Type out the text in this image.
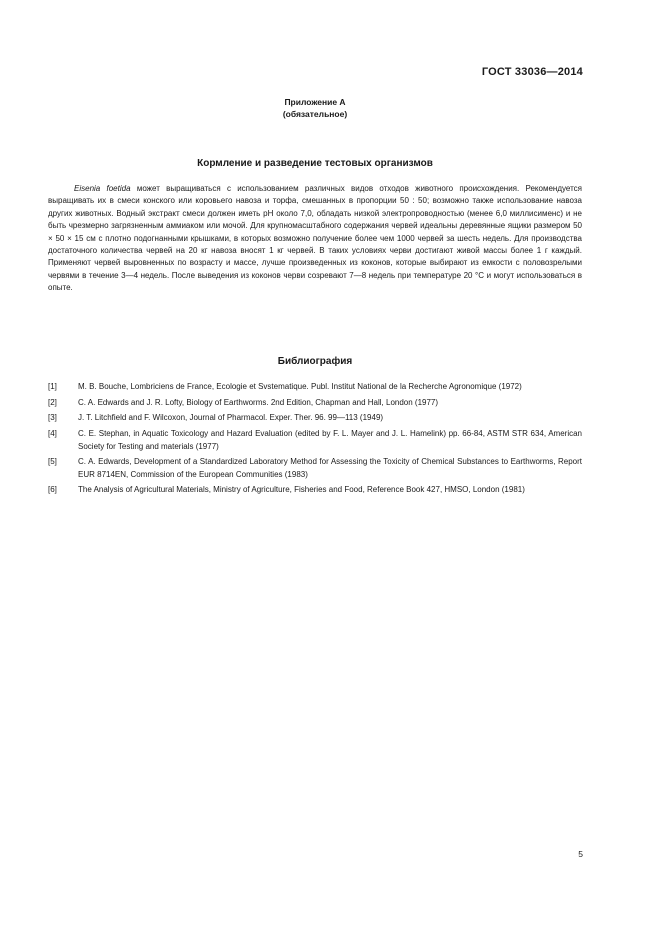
ГОСТ 33036—2014
Приложение А
(обязательное)
Кормление и разведение тестовых организмов

Eisenia foetida может выращиваться с использованием различных видов отходов животного происхождения. Рекомендуется выращивать их в смеси конского или коровьего навоза и торфа, смешанных в пропорции 50 : 50; возможно также использование навоза других животных. Водный экстракт смеси должен иметь pH около 7,0, обладать низкой электропроводностью (менее 6,0 миллисименс) и не быть чрезмерно загрязненным аммиаком или мочой. Для крупномасштабного содержания червей идеальны деревянные ящики размером 50 × 50 × 15 см с плотно подогнанными крышками, в которых возможно получение более чем 1000 червей за шесть недель. Для производства достаточного количества червей на 20 кг навоза вносят 1 кг червей. В таких условиях черви достигают живой массы более 1 г каждый. Применяют червей выровненных по возрасту и массе, лучше произведенных из коконов, которые выбирают из емкости с половозрелыми червями в течение 3—4 недель. После выведения из коконов черви созревают 7—8 недель при температуре 20 °С и могут использоваться в опыте.

Библиография
[1]	M. B. Bouche, Lombriciens de France, Ecologie et Svstematique. Publ. Institut National de la Recherche Agronomique (1972)
[2]	C. A. Edwards and J. R. Lofty, Biology of Earthworms. 2nd Edition, Chapman and Hall, London (1977)
[3]	J. T. Litchfield and F. Wilcoxon, Journal of Pharmacol. Exper. Ther. 96. 99—113 (1949)
[4]	C. E. Stephan, in Aquatic Toxicology and Hazard Evaluation (edited by F. L. Mayer and J. L. Hamelink) pp. 66-84, ASTM STR 634, American Society for Testing and materials (1977)
[5]	C. A. Edwards, Development of a Standardized Laboratory Method for Assessing the Toxicity of Chemical Substances to Earthworms, Report EUR 8714EN, Commission of the European Communities (1983)
[6]	The Analysis of Agricultural Materials, Ministry of Agriculture, Fisheries and Food, Reference Book 427, HMSO, London (1981)
5
